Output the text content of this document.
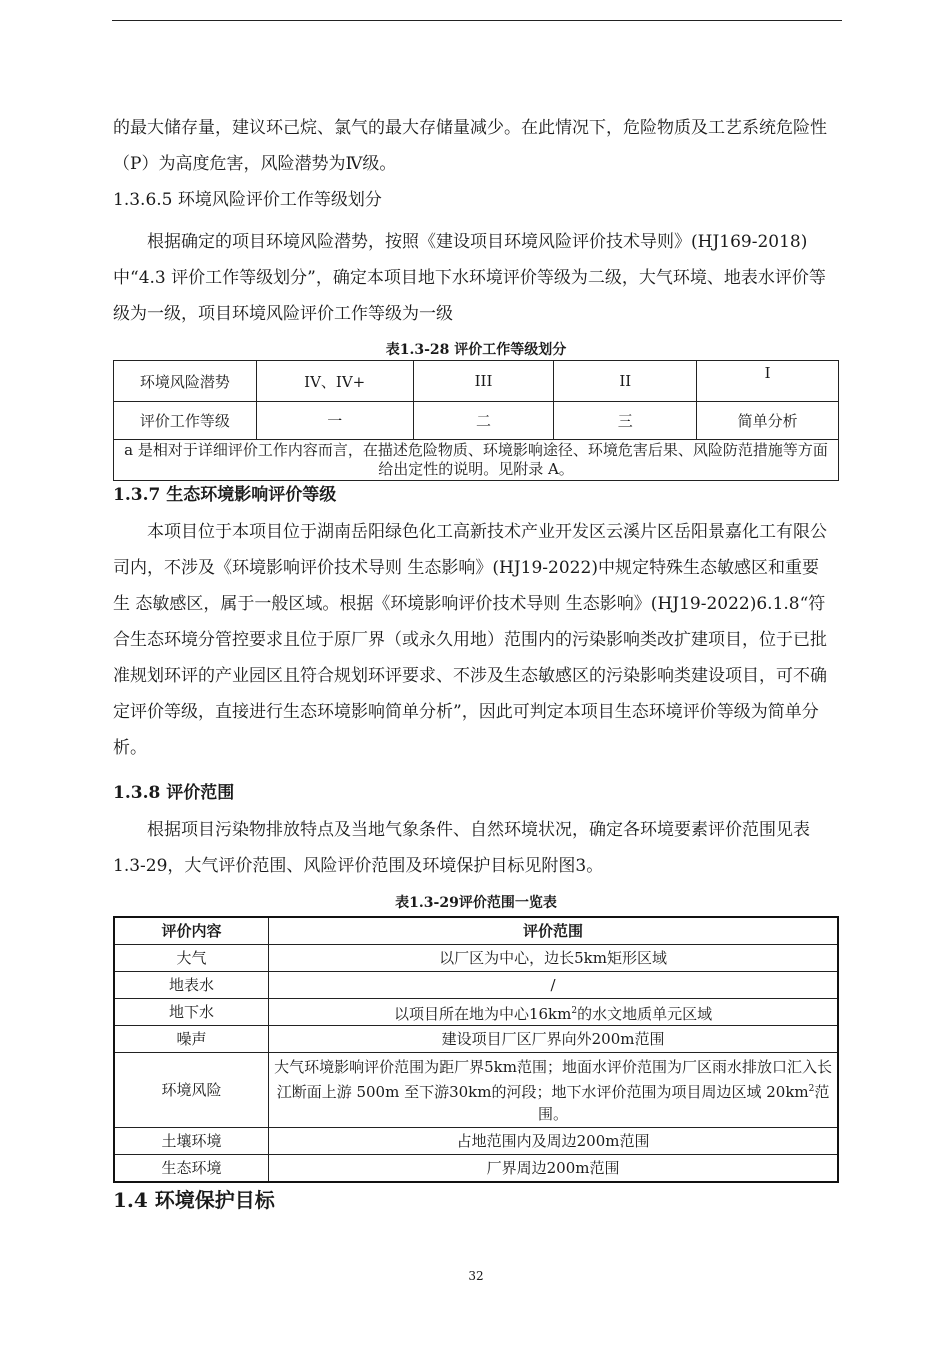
的最大储存量，建议环己烷、氯气的最大存储量减少。在此情况下，危险物质及工艺系统危险性（P）为高度危害，风险潜势为Ⅳ级。

1.3.6.5 环境风险评价工作等级划分

根据确定的项目环境风险潜势，按照《建设项目环境风险评价技术导则》(HJ169-2018)中“4.3 评价工作等级划分”，确定本项目地下水环境评价等级为二级，大气环境、地表水评价等级为一级，项目环境风险评价工作等级为一级

表1.3-28 评价工作等级划分

环境风险潜势	IV、IV+	III	II	I
评价工作等级	一	二	三	简单分析
a 是相对于详细评价工作内容而言，在描述危险物质、环境影响途径、环境危害后果、风险防范措施等方面给出定性的说明。见附录 A。				

1.3.7 生态环境影响评价等级

本项目位于本项目位于湖南岳阳绿色化工高新技术产业开发区云溪片区岳阳景嘉化工有限公司内，不涉及《环境影响评价技术导则 生态影响》(HJ19-2022)中规定特殊生态敏感区和重要生 态敏感区，属于一般区域。根据《环境影响评价技术导则 生态影响》(HJ19-2022)6.1.8“符合生态环境分管控要求且位于原厂界（或永久用地）范围内的污染影响类改扩建项目，位于已批准规划环评的产业园区且符合规划环评要求、不涉及生态敏感区的污染影响类建设项目，可不确定评价等级，直接进行生态环境影响简单分析”，因此可判定本项目生态环境评价等级为简单分析。

1.3.8 评价范围

根据项目污染物排放特点及当地气象条件、自然环境状况，确定各环境要素评价范围见表1.3-29，大气评价范围、风险评价范围及环境保护目标见附图3。

表1.3-29评价范围一览表

评价内容	评价范围
大气	以厂区为中心，边长5km矩形区域
地表水	/
地下水	以项目所在地为中心$16km^2$的水文地质单元区域
噪声	建设项目厂区厂界向外200m范围
环境风险	大气环境影响评价范围为距厂界5km范围；地面水评价范围为厂区雨水排放口汇入长江断面上游 500m 至下游30km的河段；地下水评价范围为项目周边区域 $20km^2$范围。
土壤环境	占地范围内及周边200m范围
生态环境	厂界周边200m范围

1.4 环境保护目标

32
